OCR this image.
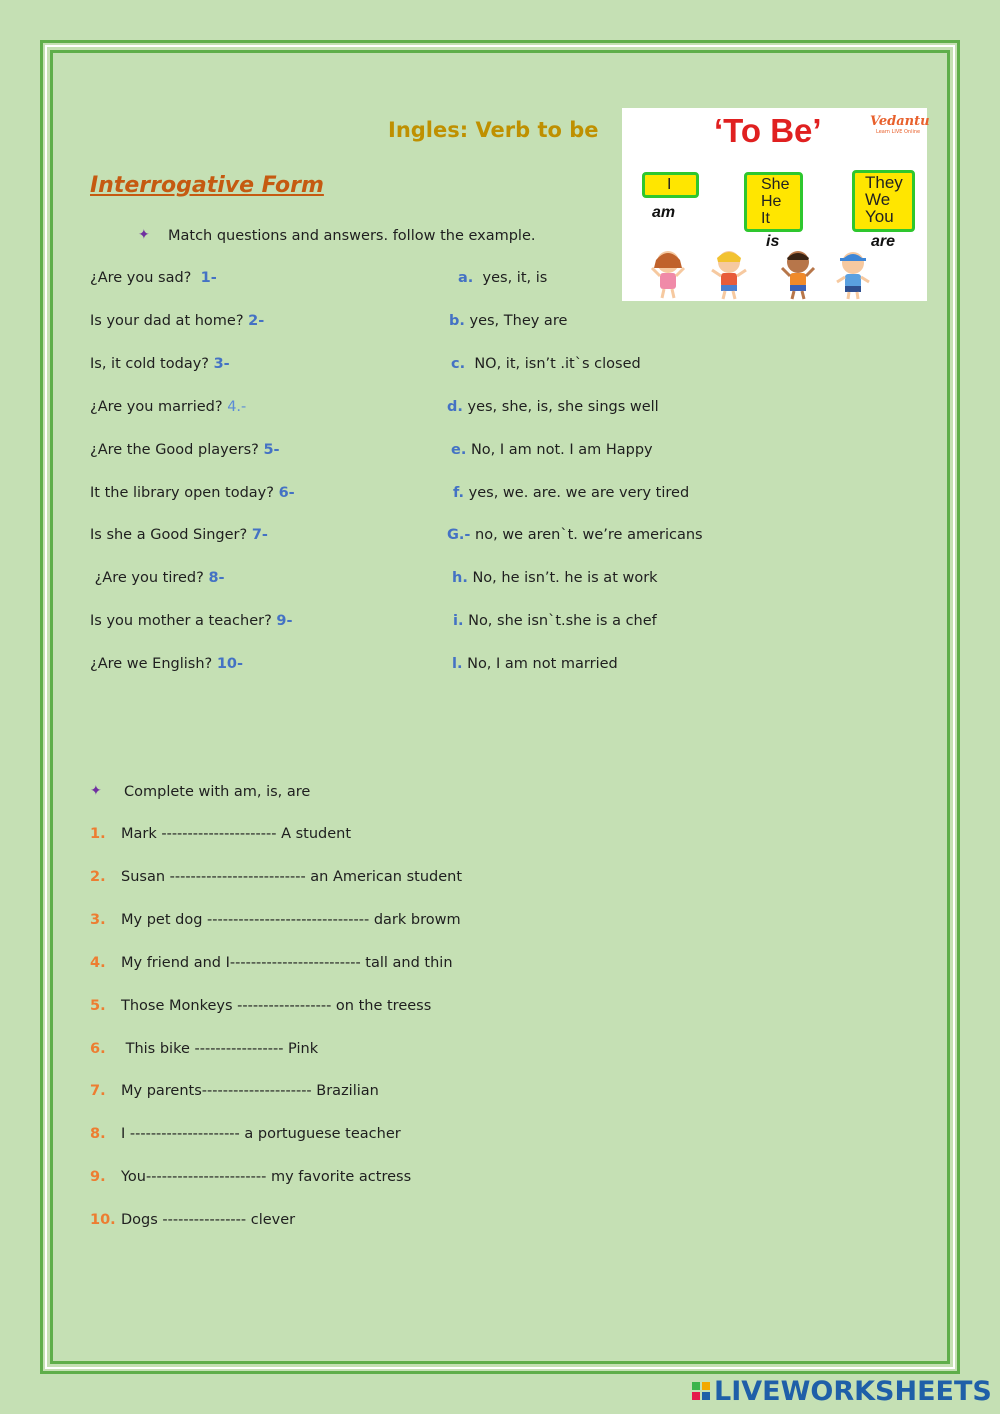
Ingles: Verb to be
Interrogative Form
‘To Be’	Vedantu
Learn LIVE Online
I
am
She
He
It
is
They
We
You
are
✦ Match questions and answers. follow the example.
¿Are you sad?  1-	a.  yes, it, is
Is your dad at home? 2-	b. yes, They are
Is, it cold today? 3-	c.  NO, it, isn’t .it`s closed
¿Are you married? 4.-	d. yes, she, is, she sings well
¿Are the Good players? 5-	e. No, I am not. I am Happy
It the library open today? 6-	f. yes, we. are. we are very tired
Is she a Good Singer? 7-	G.- no, we aren`t. we’re americans
¿Are you tired? 8-	h. No, he isn’t. he is at work
Is you mother a teacher? 9-	i. No, she isn`t.she is a chef
¿Are we English? 10-	l. No, I am not married
✦ Complete with am, is, are
1. Mark ---------------------- A student
2. Susan -------------------------- an American student
3. My pet dog ------------------------------- dark browm
4. My friend and I------------------------- tall and thin
5. Those Monkeys ------------------ on the treess
6. This bike ----------------- Pink
7. My parents--------------------- Brazilian
8. I --------------------- a portuguese teacher
9. You----------------------- my favorite actress
10. Dogs ---------------- clever
LIVEWORKSHEETS
